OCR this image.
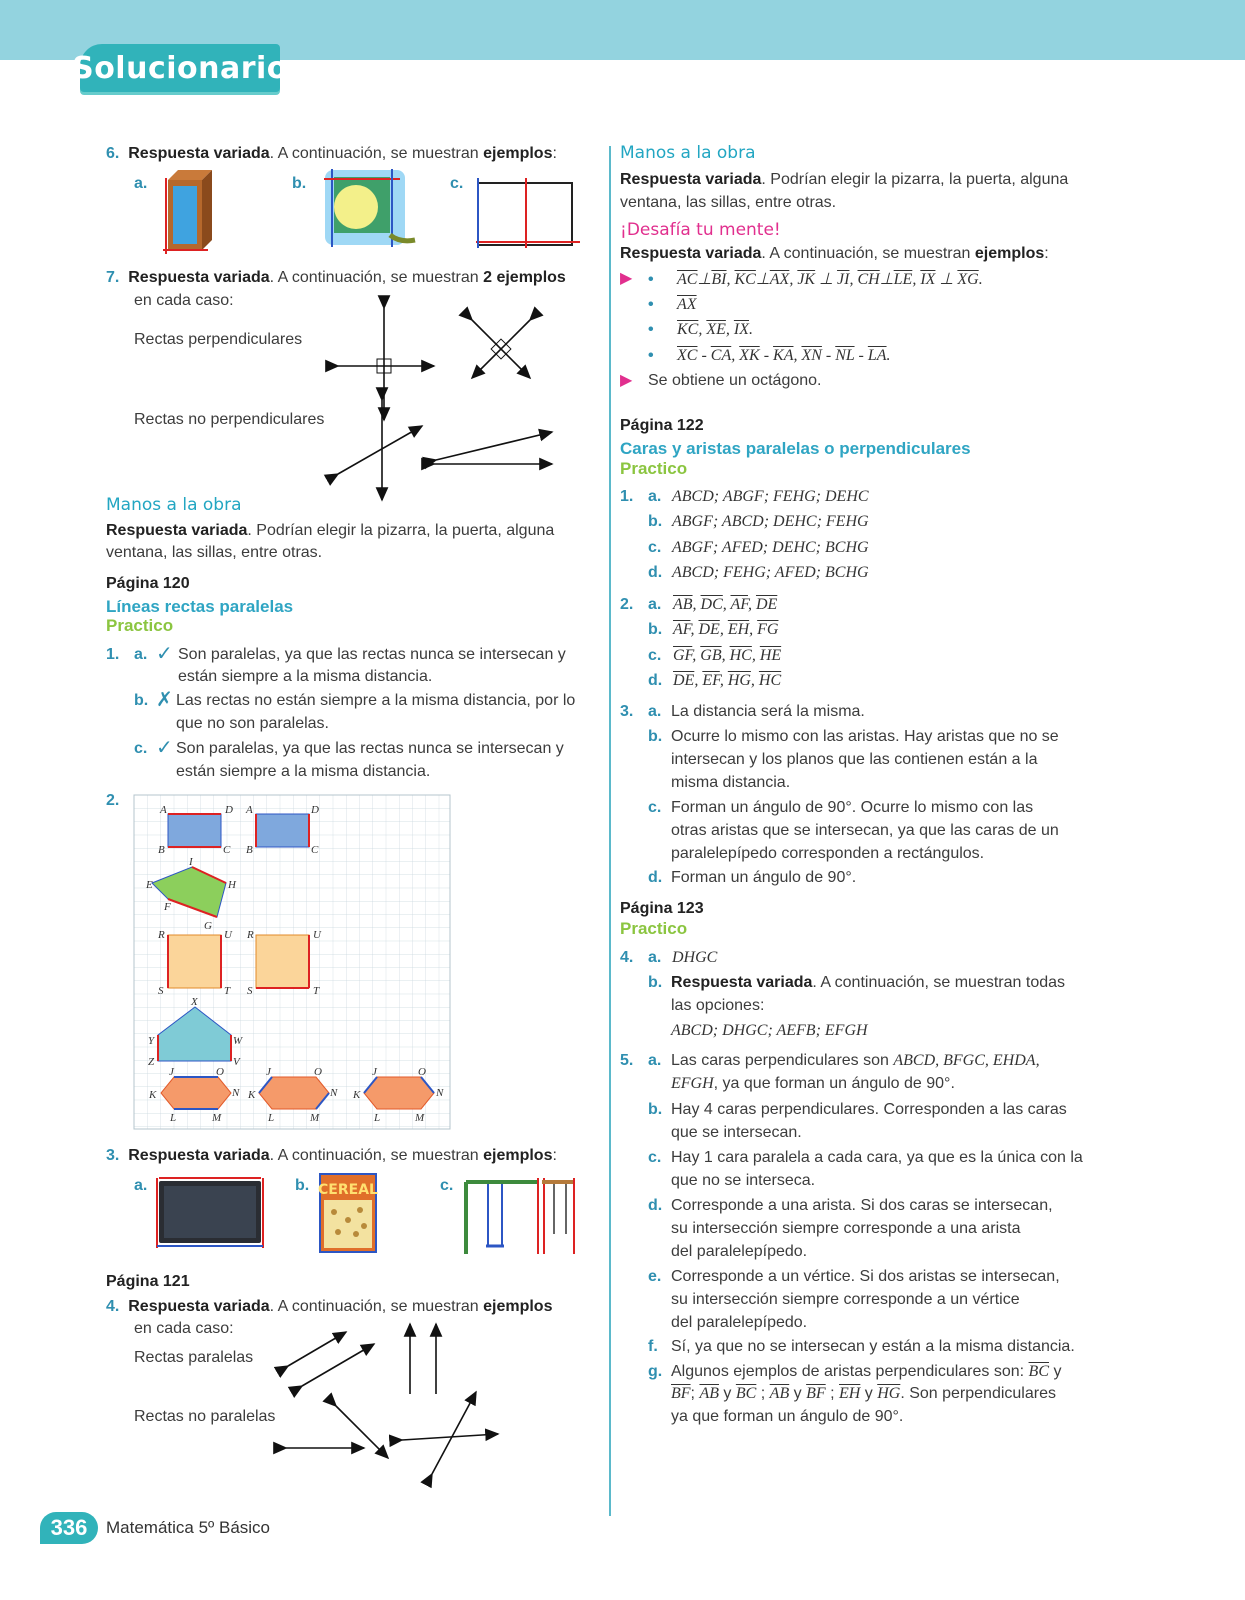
Solucionario
6. Respuesta variada. A continuación, se muestran ejemplos:
a.	b.	c.
7. Respuesta variada. A continuación, se muestran 2 ejemplos
en cada caso:
Rectas perpendiculares
Rectas no perpendiculares
Manos a la obra
Respuesta variada. Podrían elegir la pizarra, la puerta, alguna
ventana, las sillas, entre otras.
Página 120
Líneas rectas paralelas
Practico
1. a. ✓ Son paralelas, ya que las rectas nunca se intersecan y
están siempre a la misma distancia.
b. ✗ Las rectas no están siempre a la misma distancia, por lo
que no son paralelas.
c. ✓ Son paralelas, ya que las rectas nunca se intersecan y
están siempre a la misma distancia.
2.
A	D
B	C
A	D
B	C
I
E	H
F
G
R	U
S	T
R	U
S	T
X
Y	W
Z	V
J	O
K	N
L	M
J	O
K	N
L	M
J	O
K	N
L	M
3. Respuesta variada. A continuación, se muestran ejemplos:
a.	b.	c.
CEREAL
Página 121
4. Respuesta variada. A continuación, se muestran ejemplos
en cada caso:
Rectas paralelas
Rectas no paralelas
Manos a la obra
Respuesta variada. Podrían elegir la pizarra, la puerta, alguna
ventana, las sillas, entre otras.
¡Desafía tu mente!
Respuesta variada. A continuación, se muestran ejemplos:
▶ • $\overline{AC}\perp\overline{BI}$, $\overline{KC}\perp\overline{AX}$, $\overline{JK}$ ⊥ $\overline{JI}$, $\overline{CH}\perp\overline{LE}$, $\overline{IX}$ ⊥ $\overline{XG}$.
• $\overline{AX}$
• $\overline{KC}$, $\overline{XE}$, $\overline{IX}$.
• $\overline{XC} - \overline{CA}$, $\overline{XK} - \overline{KA}$, $\overline{XN} - \overline{NL} - \overline{LA}$.
▶ Se obtiene un octágono.
Página 122
Caras y aristas paralelas o perpendiculares
Practico
1. a. ABCD; ABGF; FEHG; DEHC
b. ABGF; ABCD; DEHC; FEHG
c. ABGF; AFED; DEHC; BCHG
d. ABCD; FEHG; AFED; BCHG
2. a. $\overline{AB}$, $\overline{DC}$, $\overline{AF}$, $\overline{DE}$
b. $\overline{AF}$, $\overline{DE}$, $\overline{EH}$, $\overline{FG}$
c. $\overline{GF}$, $\overline{GB}$, $\overline{HC}$, $\overline{HE}$
d. $\overline{DE}$, $\overline{EF}$, $\overline{HG}$, $\overline{HC}$
3. a. La distancia será la misma.
b. Ocurre lo mismo con las aristas. Hay aristas que no se
intersecan y los planos que las contienen están a la
misma distancia.
c. Forman un ángulo de 90°. Ocurre lo mismo con las
otras aristas que se intersecan, ya que las caras de un
paralelepípedo corresponden a rectángulos.
d. Forman un ángulo de 90°.
Página 123
Practico
4. a. DHGC
b. Respuesta variada. A continuación, se muestran todas
las opciones:
ABCD; DHGC; AEFB; EFGH
5. a. Las caras perpendiculares son ABCD, BFGC, EHDA,
EFGH, ya que forman un ángulo de 90°.
b. Hay 4 caras perpendiculares. Corresponden a las caras
que se intersecan.
c. Hay 1 cara paralela a cada cara, ya que es la única con la
que no se interseca.
d. Corresponde a una arista. Si dos caras se intersecan,
su intersección siempre corresponde a una arista
del paralelepípedo.
e. Corresponde a un vértice. Si dos aristas se intersecan,
su intersección siempre corresponde a un vértice
del paralelepípedo.
f. Sí, ya que no se intersecan y están a la misma distancia.
g. Algunos ejemplos de aristas perpendiculares son: $\overline{BC}$ y
$\overline{BF}$; $\overline{AB}$ y $\overline{BC}$ ; $\overline{AB}$ y $\overline{BF}$ ; $\overline{EH}$ y $\overline{HG}$. Son perpendiculares
ya que forman un ángulo de 90°.
336	Matemática 5º Básico
